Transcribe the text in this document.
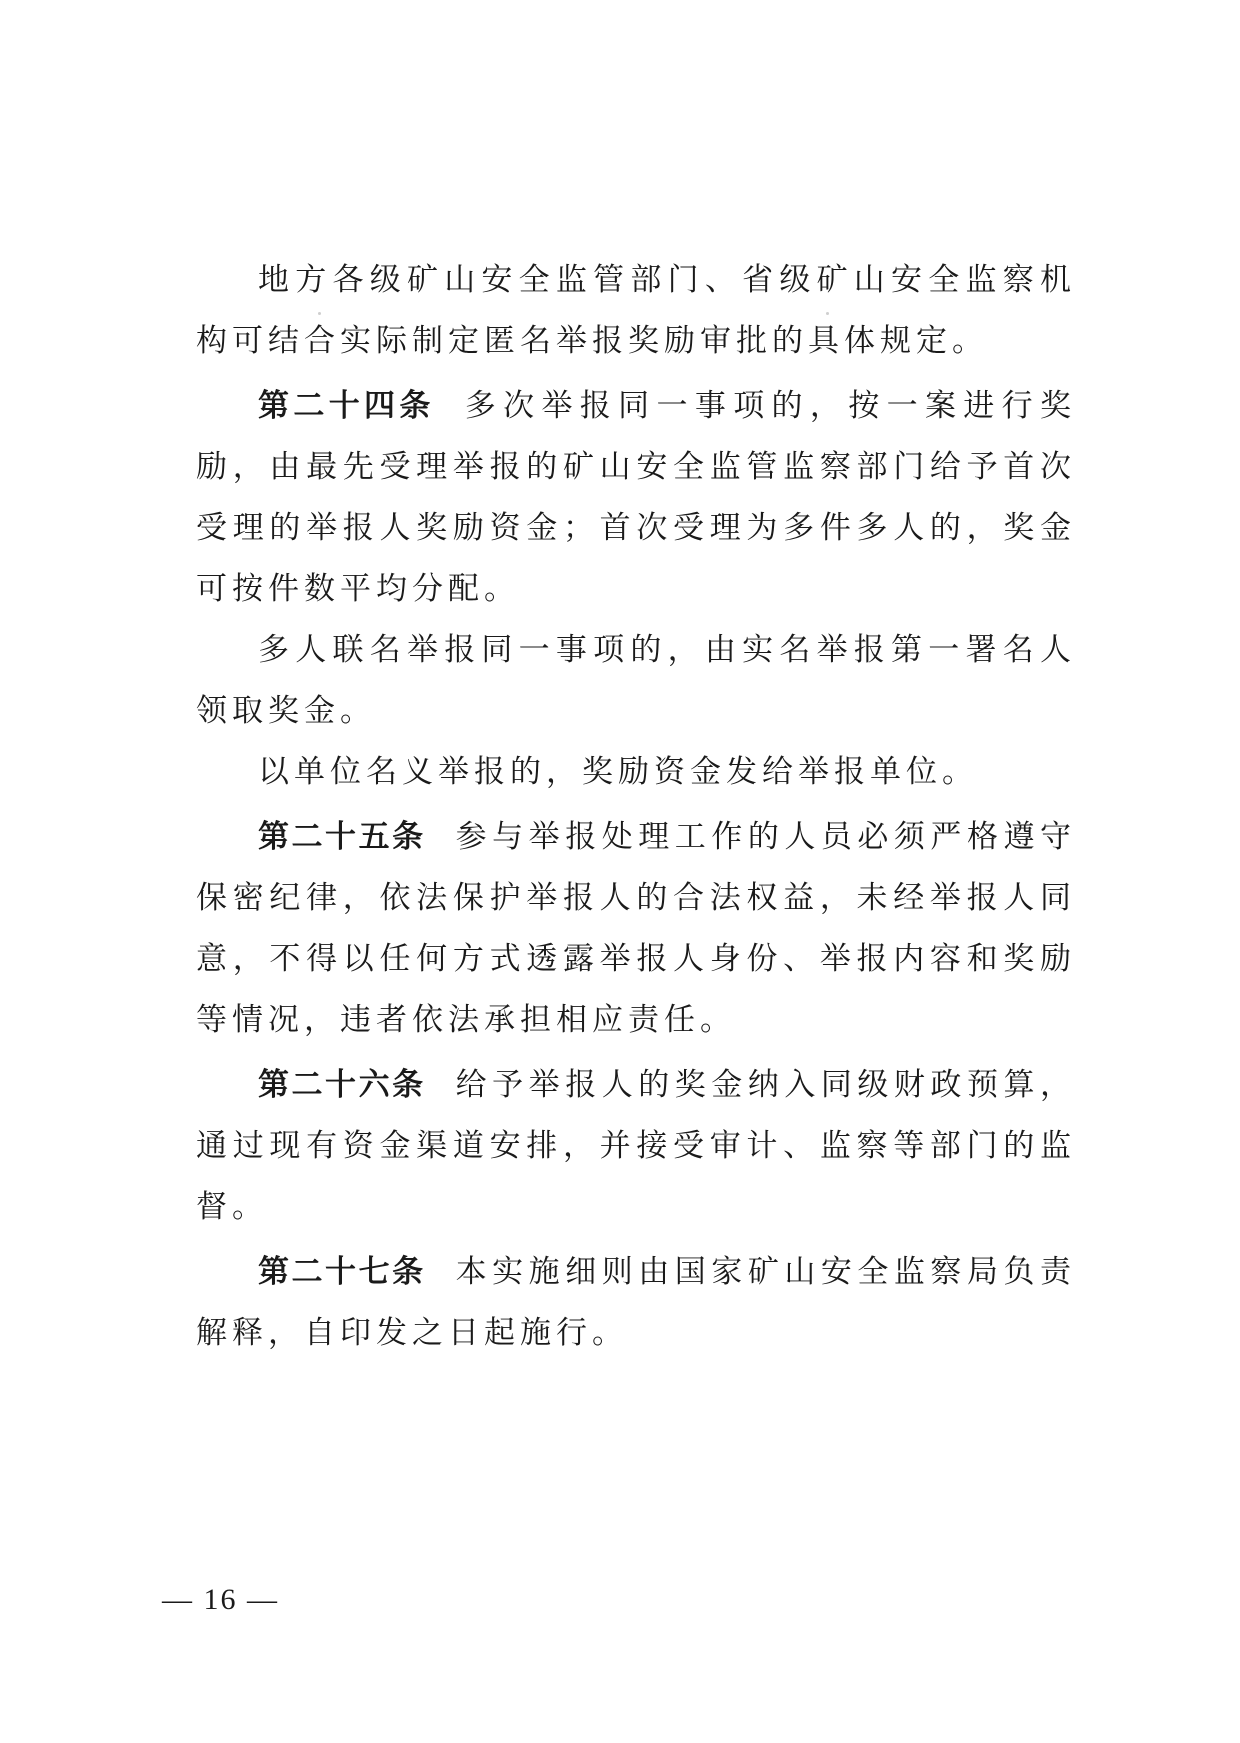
地方各级矿山安全监管部门、省级矿山安全监察机构可结合实际制定匿名举报奖励审批的具体规定。

第二十四条 多次举报同一事项的，按一案进行奖励，由最先受理举报的矿山安全监管监察部门给予首次受理的举报人奖励资金；首次受理为多件多人的，奖金可按件数平均分配。

多人联名举报同一事项的，由实名举报第一署名人领取奖金。

以单位名义举报的，奖励资金发给举报单位。

第二十五条 参与举报处理工作的人员必须严格遵守保密纪律，依法保护举报人的合法权益，未经举报人同意，不得以任何方式透露举报人身份、举报内容和奖励等情况，违者依法承担相应责任。

第二十六条 给予举报人的奖金纳入同级财政预算，通过现有资金渠道安排，并接受审计、监察等部门的监督。

第二十七条 本实施细则由国家矿山安全监察局负责解释，自印发之日起施行。

— 16 —
